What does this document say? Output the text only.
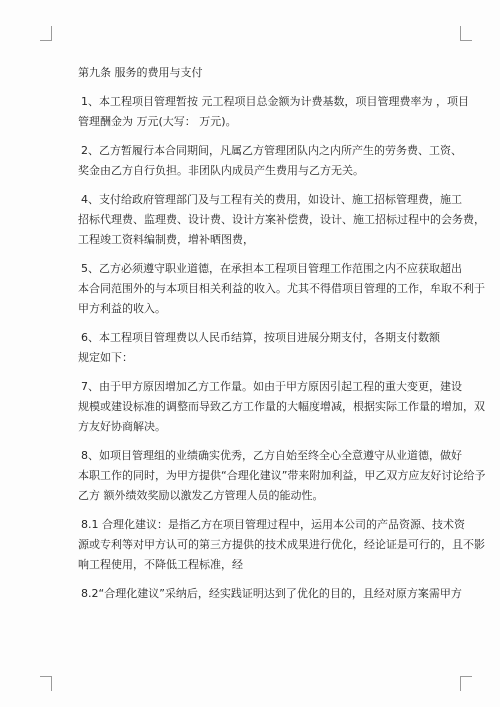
第九条 服务的费用与支付
1、本工程项目管理暂按 元工程项目总金额为计费基数，项目管理费率为 ，项目
管理酬金为 万元(大写： 万元)。
2、乙方暂履行本合同期间，凡属乙方管理团队内之内所产生的劳务费、工资、
奖金由乙方自行负担。非团队内成员产生费用与乙方无关。
4、支付给政府管理部门及与工程有关的费用，如设计、施工招标管理费，施工
招标代理费、监理费、设计费、设计方案补偿费，设计、施工招标过程中的会务费，
工程竣工资料编制费，增补晒图费，
5、乙方必须遵守职业道德，在承担本工程项目管理工作范围之内不应获取超出
本合同范围外的与本项目相关利益的收入。尤其不得借项目管理的工作，牟取不利于
甲方利益的收入。
6、本工程项目管理费以人民币结算，按项目进展分期支付，各期支付数额
规定如下：
7、由于甲方原因增加乙方工作量。如由于甲方原因引起工程的重大变更，建设
规模或建设标准的调整而导致乙方工作量的大幅度增减，根据实际工作量的增加，双
方友好协商解决。
8、如项目管理组的业绩确实优秀，乙方自始至终全心全意遵守从业道德，做好
本职工作的同时，为甲方提供“合理化建议”带来附加利益，甲乙双方应友好讨论给予
乙方 额外绩效奖励以激发乙方管理人员的能动性。
8.1 合理化建议：是指乙方在项目管理过程中，运用本公司的产品资源、技术资
源或专利等对甲方认可的第三方提供的技术成果进行优化，经论证是可行的，且不影
响工程使用，不降低工程标准，经
8.2“合理化建议”采纳后，经实践证明达到了优化的目的，且经对原方案需甲方
